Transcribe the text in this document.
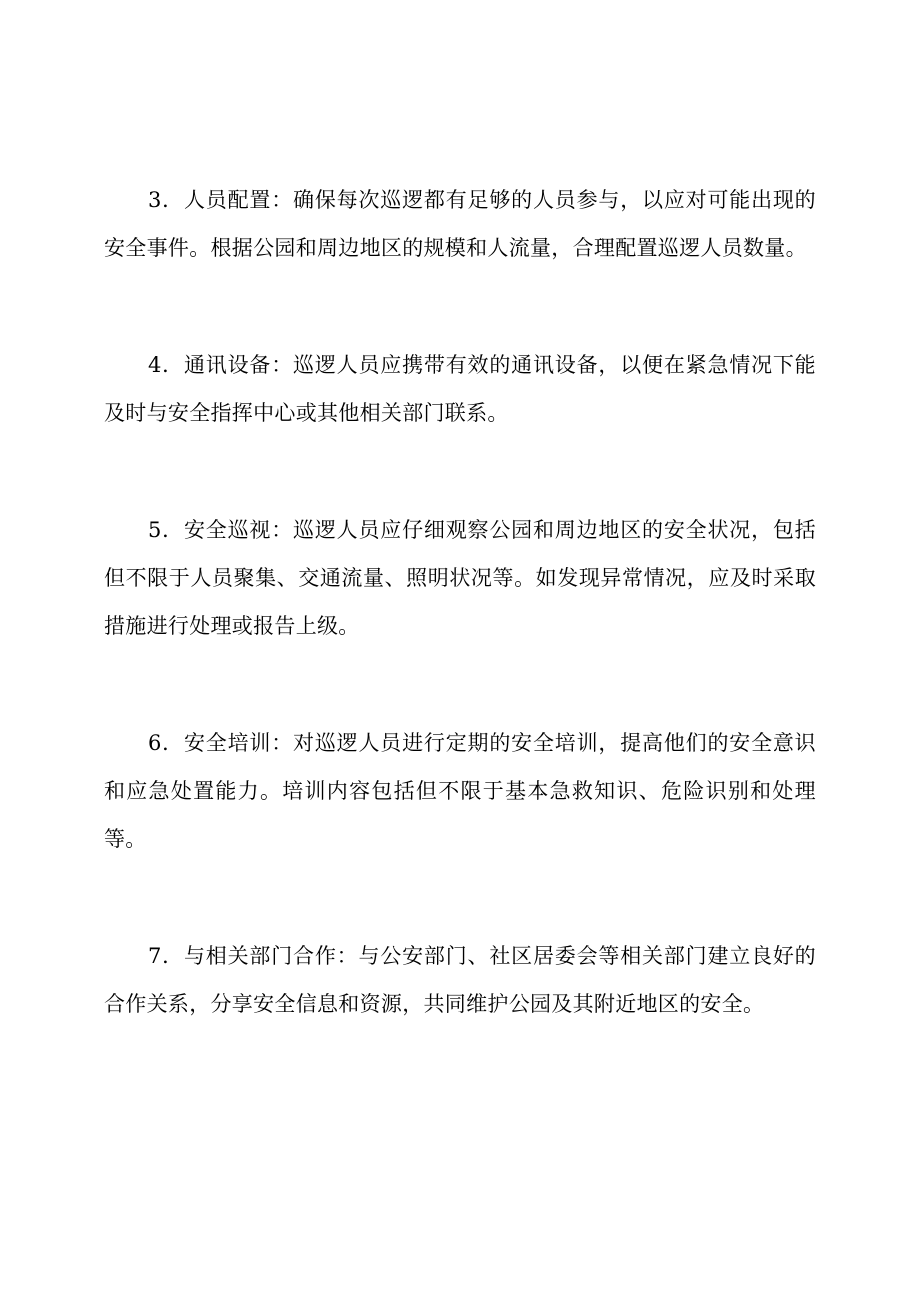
3．人员配置：确保每次巡逻都有足够的人员参与，以应对可能出现的安全事件。根据公园和周边地区的规模和人流量，合理配置巡逻人员数量。

4．通讯设备：巡逻人员应携带有效的通讯设备，以便在紧急情况下能及时与安全指挥中心或其他相关部门联系。

5．安全巡视：巡逻人员应仔细观察公园和周边地区的安全状况，包括但不限于人员聚集、交通流量、照明状况等。如发现异常情况，应及时采取措施进行处理或报告上级。

6．安全培训：对巡逻人员进行定期的安全培训，提高他们的安全意识和应急处置能力。培训内容包括但不限于基本急救知识、危险识别和处理等。

7．与相关部门合作：与公安部门、社区居委会等相关部门建立良好的合作关系，分享安全信息和资源，共同维护公园及其附近地区的安全。
